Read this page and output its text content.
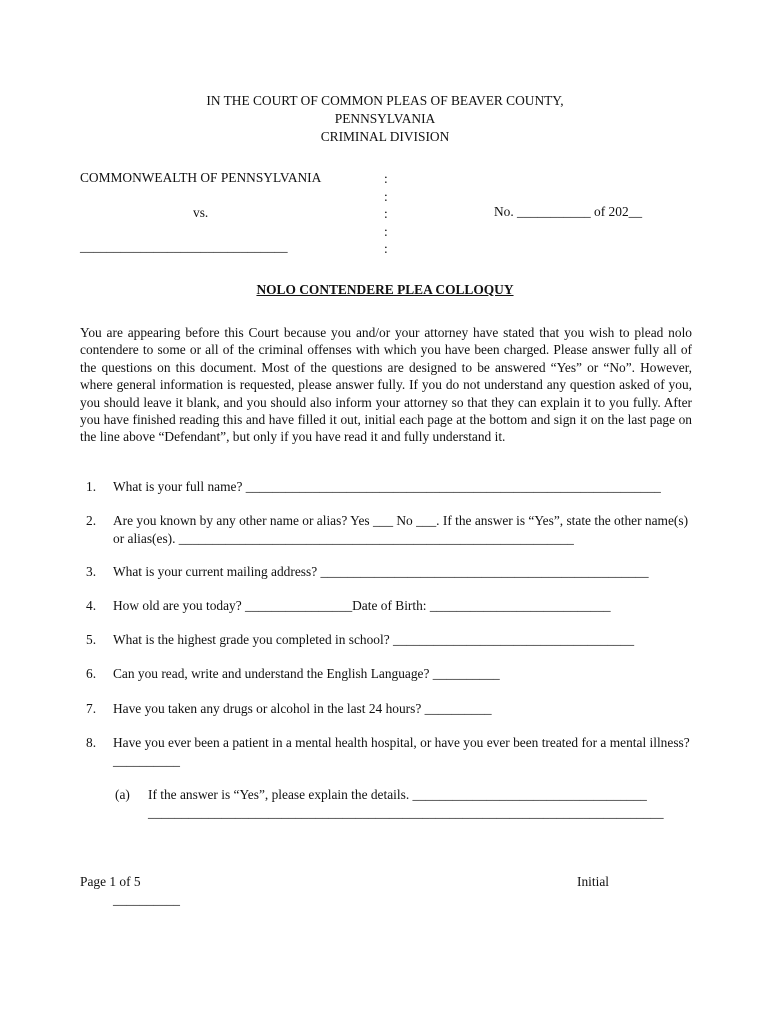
IN THE COURT OF COMMON PLEAS OF BEAVER COUNTY,
PENNSYLVANIA
CRIMINAL DIVISION
COMMONWEALTH OF PENNSYLVANIA
vs.
_______________________________
:
:
:
:
:
No. ___________ of 202__
NOLO CONTENDERE PLEA COLLOQUY

You are appearing before this Court because you and/or your attorney have stated that you wish to plead nolo contendere to some or all of the criminal offenses with which you have been charged. Please answer fully all of the questions on this document. Most of the questions are designed to be answered “Yes” or “No”. However, where general information is requested, please answer fully. If you do not understand any question asked of you, you should leave it blank, and you should also inform your attorney so that they can explain it to you fully. After you have finished reading this and have filled it out, initial each page at the bottom and sign it on the last page on the line above “Defendant”, but only if you have read it and fully understand it.

1. What is your full name? ______________________________________________________________
2. Are you known by any other name or alias? Yes ___ No ___. If the answer is “Yes”, state the other name(s) or alias(es). ___________________________________________________________
3. What is your current mailing address? _________________________________________________
4. How old are you today? ________________Date of Birth: ___________________________
5. What is the highest grade you completed in school? ____________________________________
6. Can you read, write and understand the English Language? __________
7. Have you taken any drugs or alcohol in the last 24 hours? __________
8. Have you ever been a patient in a mental health hospital, or have you ever been treated for a mental illness? __________
(a) If the answer is “Yes”, please explain the details. ___________________________________ _____________________________________________________________________________
Page 1 of 5	Initial
__________
